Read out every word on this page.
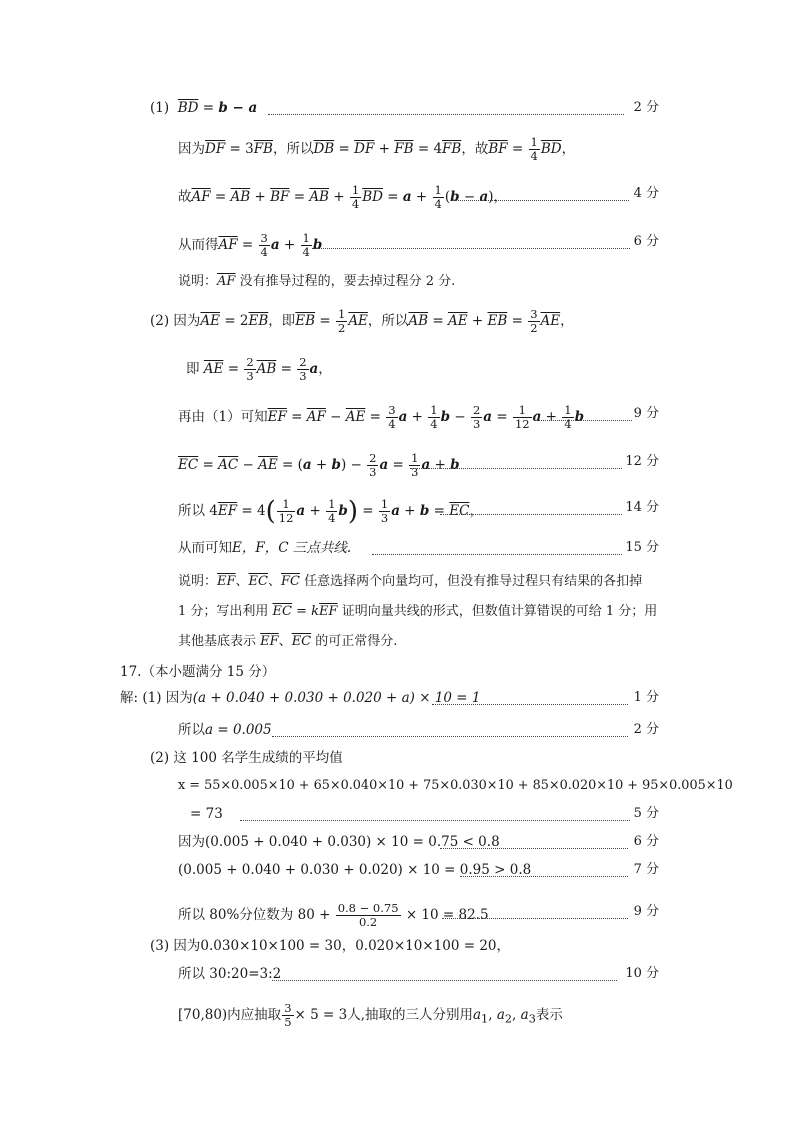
(1) $\overline{BD} = b - a$	2 分
因为$\overline{DF} = 3\overline{FB}$，所以$\overline{DB} = \overline{DF} + \overline{FB} = 4\overline{FB}$，故$\overline{BF} = \frac{1}{4} \overline{BD}$，
故$\overline{AF} = \overline{AB} + \overline{BF} = \overline{AB} + \frac{1}{4} \overline{BD} = a + \frac{1}{4} (b - a)$，	4 分
从而得$\overline{AF} = \frac{3}{4}$ $a + \frac{1}{4}$ b	6 分
说明：$\overline{AF}$ 没有推导过程的，要去掉过程分 2 分.
(2) 因为$\overline{AE} = 2\overline{EB}$，即$\overline{EB} = \frac{1}{2} \overline{AE}$，所以$\overline{AB} = \overline{AE} + \overline{EB} = \frac{3}{2} \overline{AE}$，
即 $\overline{AE} = \frac{2}{3} \overline{AB} = \frac{2}{3}$ a，
再由（1）可知$\overline{EF} = \overline{AF} - \overline{AE} = \frac{3}{4}$ $a + \frac{1}{4}$ $b - \frac{2}{3}$ $a = \frac{1}{12}$ $a + \frac{1}{4}$ b	9 分
$\overline{EC} = \overline{AC} - \overline{AE} = (a + b) - \frac{2}{3}$ $a = \frac{1}{3}$ a + b	12 分
所以 $4\overline{EF} = 4( \frac{1}{12}$ $a + \frac{1}{4} b) = \frac{1}{3}$ $a + b = \overline{EC}$，	14 分
从而可知E，F，C 三点共线.	15 分
说明：$\overline{EF}$、$\overline{EC}$、$\overline{FC}$ 任意选择两个向量均可，但没有推导过程只有结果的各扣掉
1 分；写出利用 $\overline{EC} = k\overline{EF}$ 证明向量共线的形式，但数值计算错误的可给 1 分；用
其他基底表示 $\overline{EF}$、$\overline{EC}$ 的可正常得分.
17.（本小题满分 15 分）
解: (1) 因为(a + 0.040 + 0.030 + 0.020 + a) × 10 = 1	1 分
所以a = 0.005	2 分
(2) 这 100 名学生成绩的平均值
x = 55×0.005×10 + 65×0.040×10 + 75×0.030×10 + 85×0.020×10 + 95×0.005×10
= 73	5 分
因为(0.005 + 0.040 + 0.030) × 10 = 0.75 < 0.8	6 分
(0.005 + 0.040 + 0.030 + 0.020) × 10 = 0.95 > 0.8	7 分
所以 80%分位数为 $80 + \frac{0.8 - 0.75}{0.2} \times 10 = 82.5$	9 分
(3) 因为0.030×10×100 = 30，0.020×10×100 = 20，
所以 30:20=3:2	10 分
[70,80)内应抽取 $\frac{3}{5} \times 5 = 3$人,抽取的三人分别用$a_1$, $a_2$, $a_3$表示
